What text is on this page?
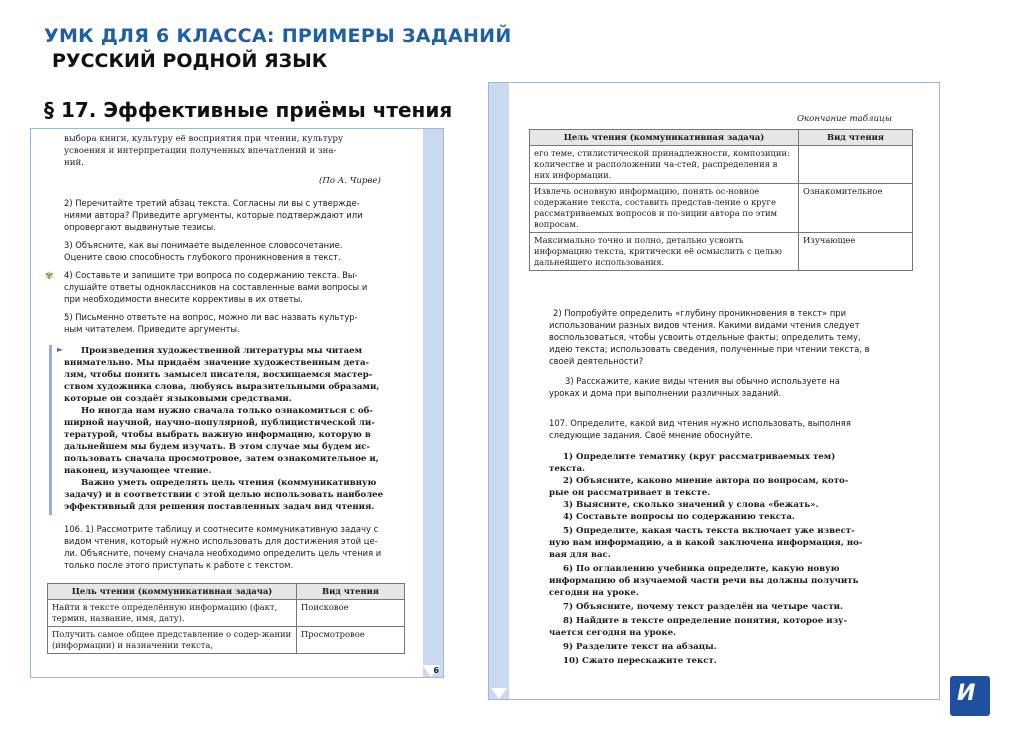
УМК ДЛЯ 6 КЛАССА: ПРИМЕРЫ ЗАДАНИЙ
РУССКИЙ РОДНОЙ ЯЗЫК
§ 17. Эффективные приёмы чтения
6

выбора книги, культуру её восприятия при чтении, культуру

усвоения и интерпретации полученных впечатлений и зна-

ний.

(По А. Чирве)

2) Перечитайте третий абзац текста. Согласны ли вы с утвержде-

ниями автора? Приведите аргументы, которые подтверждают или

опровергают выдвинутые тезисы.

3) Объясните, как вы понимаете выделенное словосочетание.

Оцените свою способность глубокого проникновения в текст.

4) Составьте и запишите три вопроса по содержанию текста. Вы-

слушайте ответы одноклассников на составленные вами вопросы и

при необходимости внесите коррективы в их ответы.

5) Письменно ответьте на вопрос, можно ли вас назвать культур-

ным читателем. Приведите аргументы.

► Произведения художественной литературы мы читаем

внимательно. Мы придаём значение художественным дета-

лям, чтобы понять замысел писателя, восхищаемся мастер-

ством художника слова, любуясь выразительными образами,

которые он создаёт языковыми средствами.

Но иногда нам нужно сначала только ознакомиться с об-

ширной научной, научно-популярной, публицистической ли-

тературой, чтобы выбрать важную информацию, которую в

дальнейшем мы будем изучать. В этом случае мы будем ис-

пользовать сначала просмотровое, затем ознакомительное и,

наконец, изучающее чтение.

Важно уметь определять цель чтения (коммуникативную

задачу) и в соответствии с этой целью использовать наиболее

эффективный для решения поставленных задач вид чтения.

106. 1) Рассмотрите таблицу и соотнесите коммуникативную задачу с

видом чтения, который нужно использовать для достижения этой це-

ли. Объясните, почему сначала необходимо определить цель чтения и

только после этого приступать к работе с текстом.

Цель чтения (коммуникативная задача)	Вид чтения
Найти в тексте определённую информацию (факт, термин, название, имя, дату).	Поисковое
Получить самое общее представление о содер-жании (информации) и назначении текста,	Просмотровое
✾

Окончание таблицы

Цель чтения (коммуникативная задача)	Вид чтения
его теме, стилистической принадлежности, композиции: количестве и расположении ча-стей, распределения в них информации.	
Извлечь основную информацию, понять ос-новное содержание текста, составить представ-ление о круге рассматриваемых вопросов и по-зиции автора по этим вопросам.	Ознакомительное
Максимально точно и полно, детально усвоить информацию текста, критически её осмыслить с целью дальнейшего использования.	Изучающее

2) Попробуйте определить «глубину проникновения в текст» при

использовании разных видов чтения. Какими видами чтения следует

воспользоваться, чтобы усвоить отдельные факты; определить тему,

идею текста; использовать сведения, полученные при чтении текста, в

своей деятельности?

3) Расскажите, какие виды чтения вы обычно используете на

уроках и дома при выполнении различных заданий.

107. Определите, какой вид чтения нужно использовать, выполняя

следующие задания. Своё мнение обоснуйте.

1) Определите тематику (круг рассматриваемых тем)

текста.

2) Объясните, каково мнение автора по вопросам, кото-

рые он рассматривает в тексте.

3) Выясните, сколько значений у слова «бежать».

4) Составьте вопросы по содержанию текста.

5) Определите, какая часть текста включает уже извест-

ную вам информацию, а в какой заключена информация, но-

вая для вас.

6) По оглавлению учебника определите, какую новую

информацию об изучаемой части речи вы должны получить

сегодня на уроке.

7) Объясните, почему текст разделён на четыре части.

8) Найдите в тексте определение понятия, которое изу-

чается сегодня на уроке.

9) Разделите текст на абзацы.

10) Сжато перескажите текст.

И
